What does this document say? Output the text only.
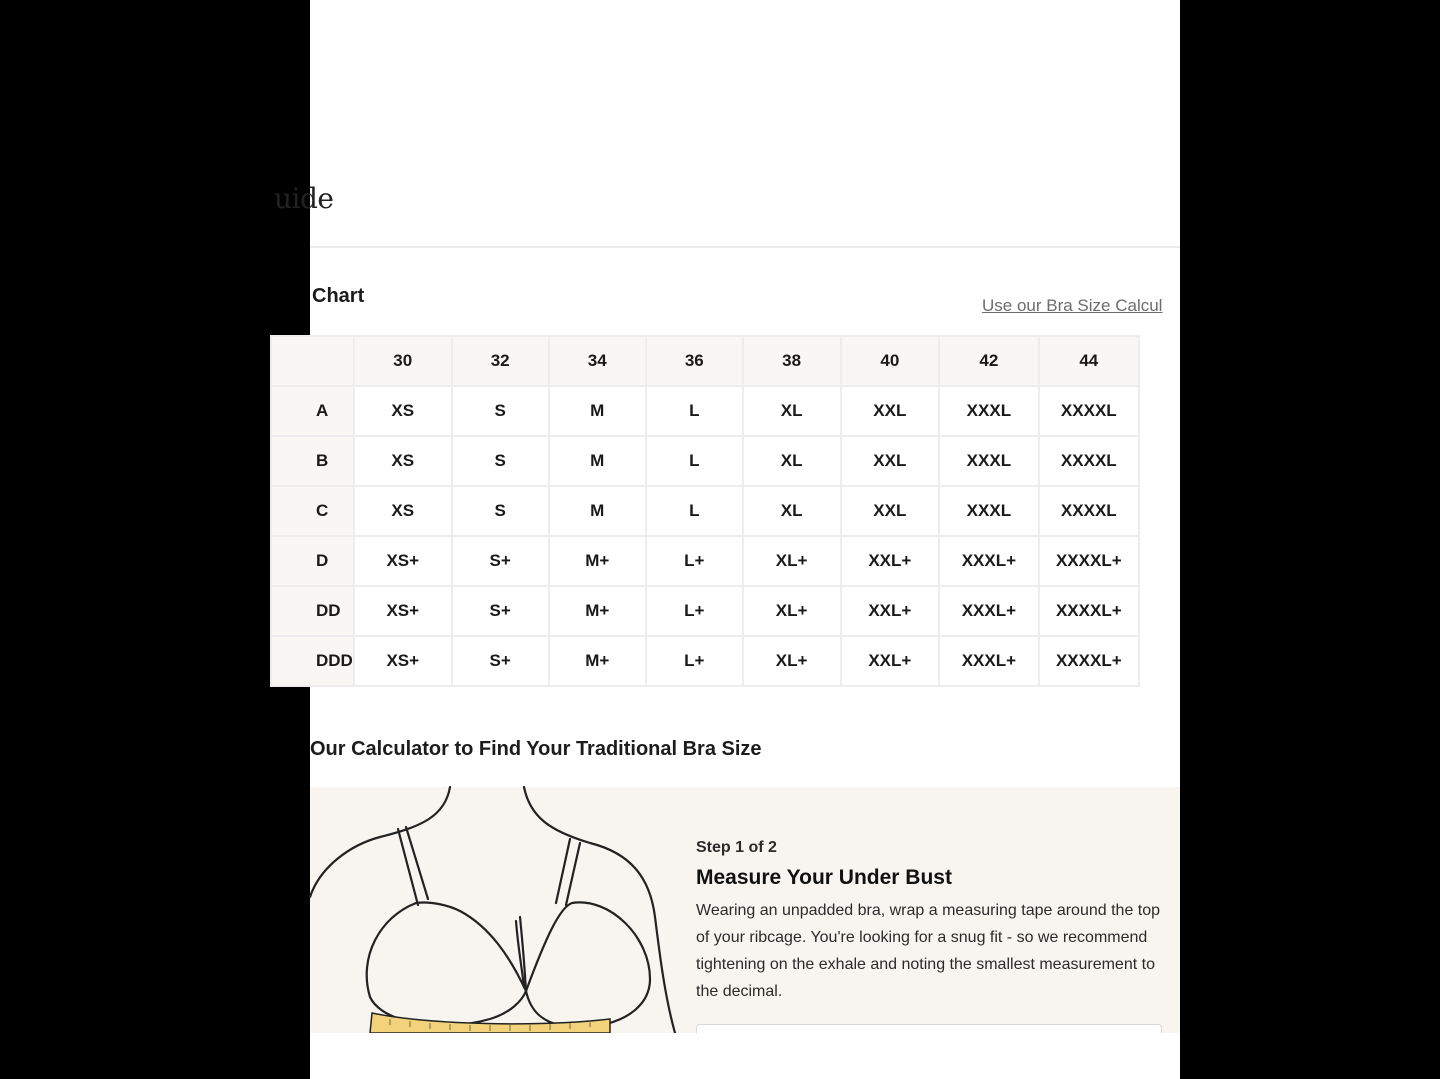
uide
Chart	Use our Bra Size Calcul
	30	32	34	36	38	40	42	44
A	XS	S	M	L	XL	XXL	XXXL	XXXXL
B	XS	S	M	L	XL	XXL	XXXL	XXXXL
C	XS	S	M	L	XL	XXL	XXXL	XXXXL
D	XS+	S+	M+	L+	XL+	XXL+	XXXL+	XXXXL+
DD	XS+	S+	M+	L+	XL+	XXL+	XXXL+	XXXXL+
DDD	XS+	S+	M+	L+	XL+	XXL+	XXXL+	XXXXL+
Our Calculator to Find Your Traditional Bra Size
Step 1 of 2
Measure Your Under Bust
Wearing an unpadded bra, wrap a measuring tape around the top of your ribcage. You're looking for a snug fit - so we recommend tightening on the exhale and noting the smallest measurement to the decimal.
